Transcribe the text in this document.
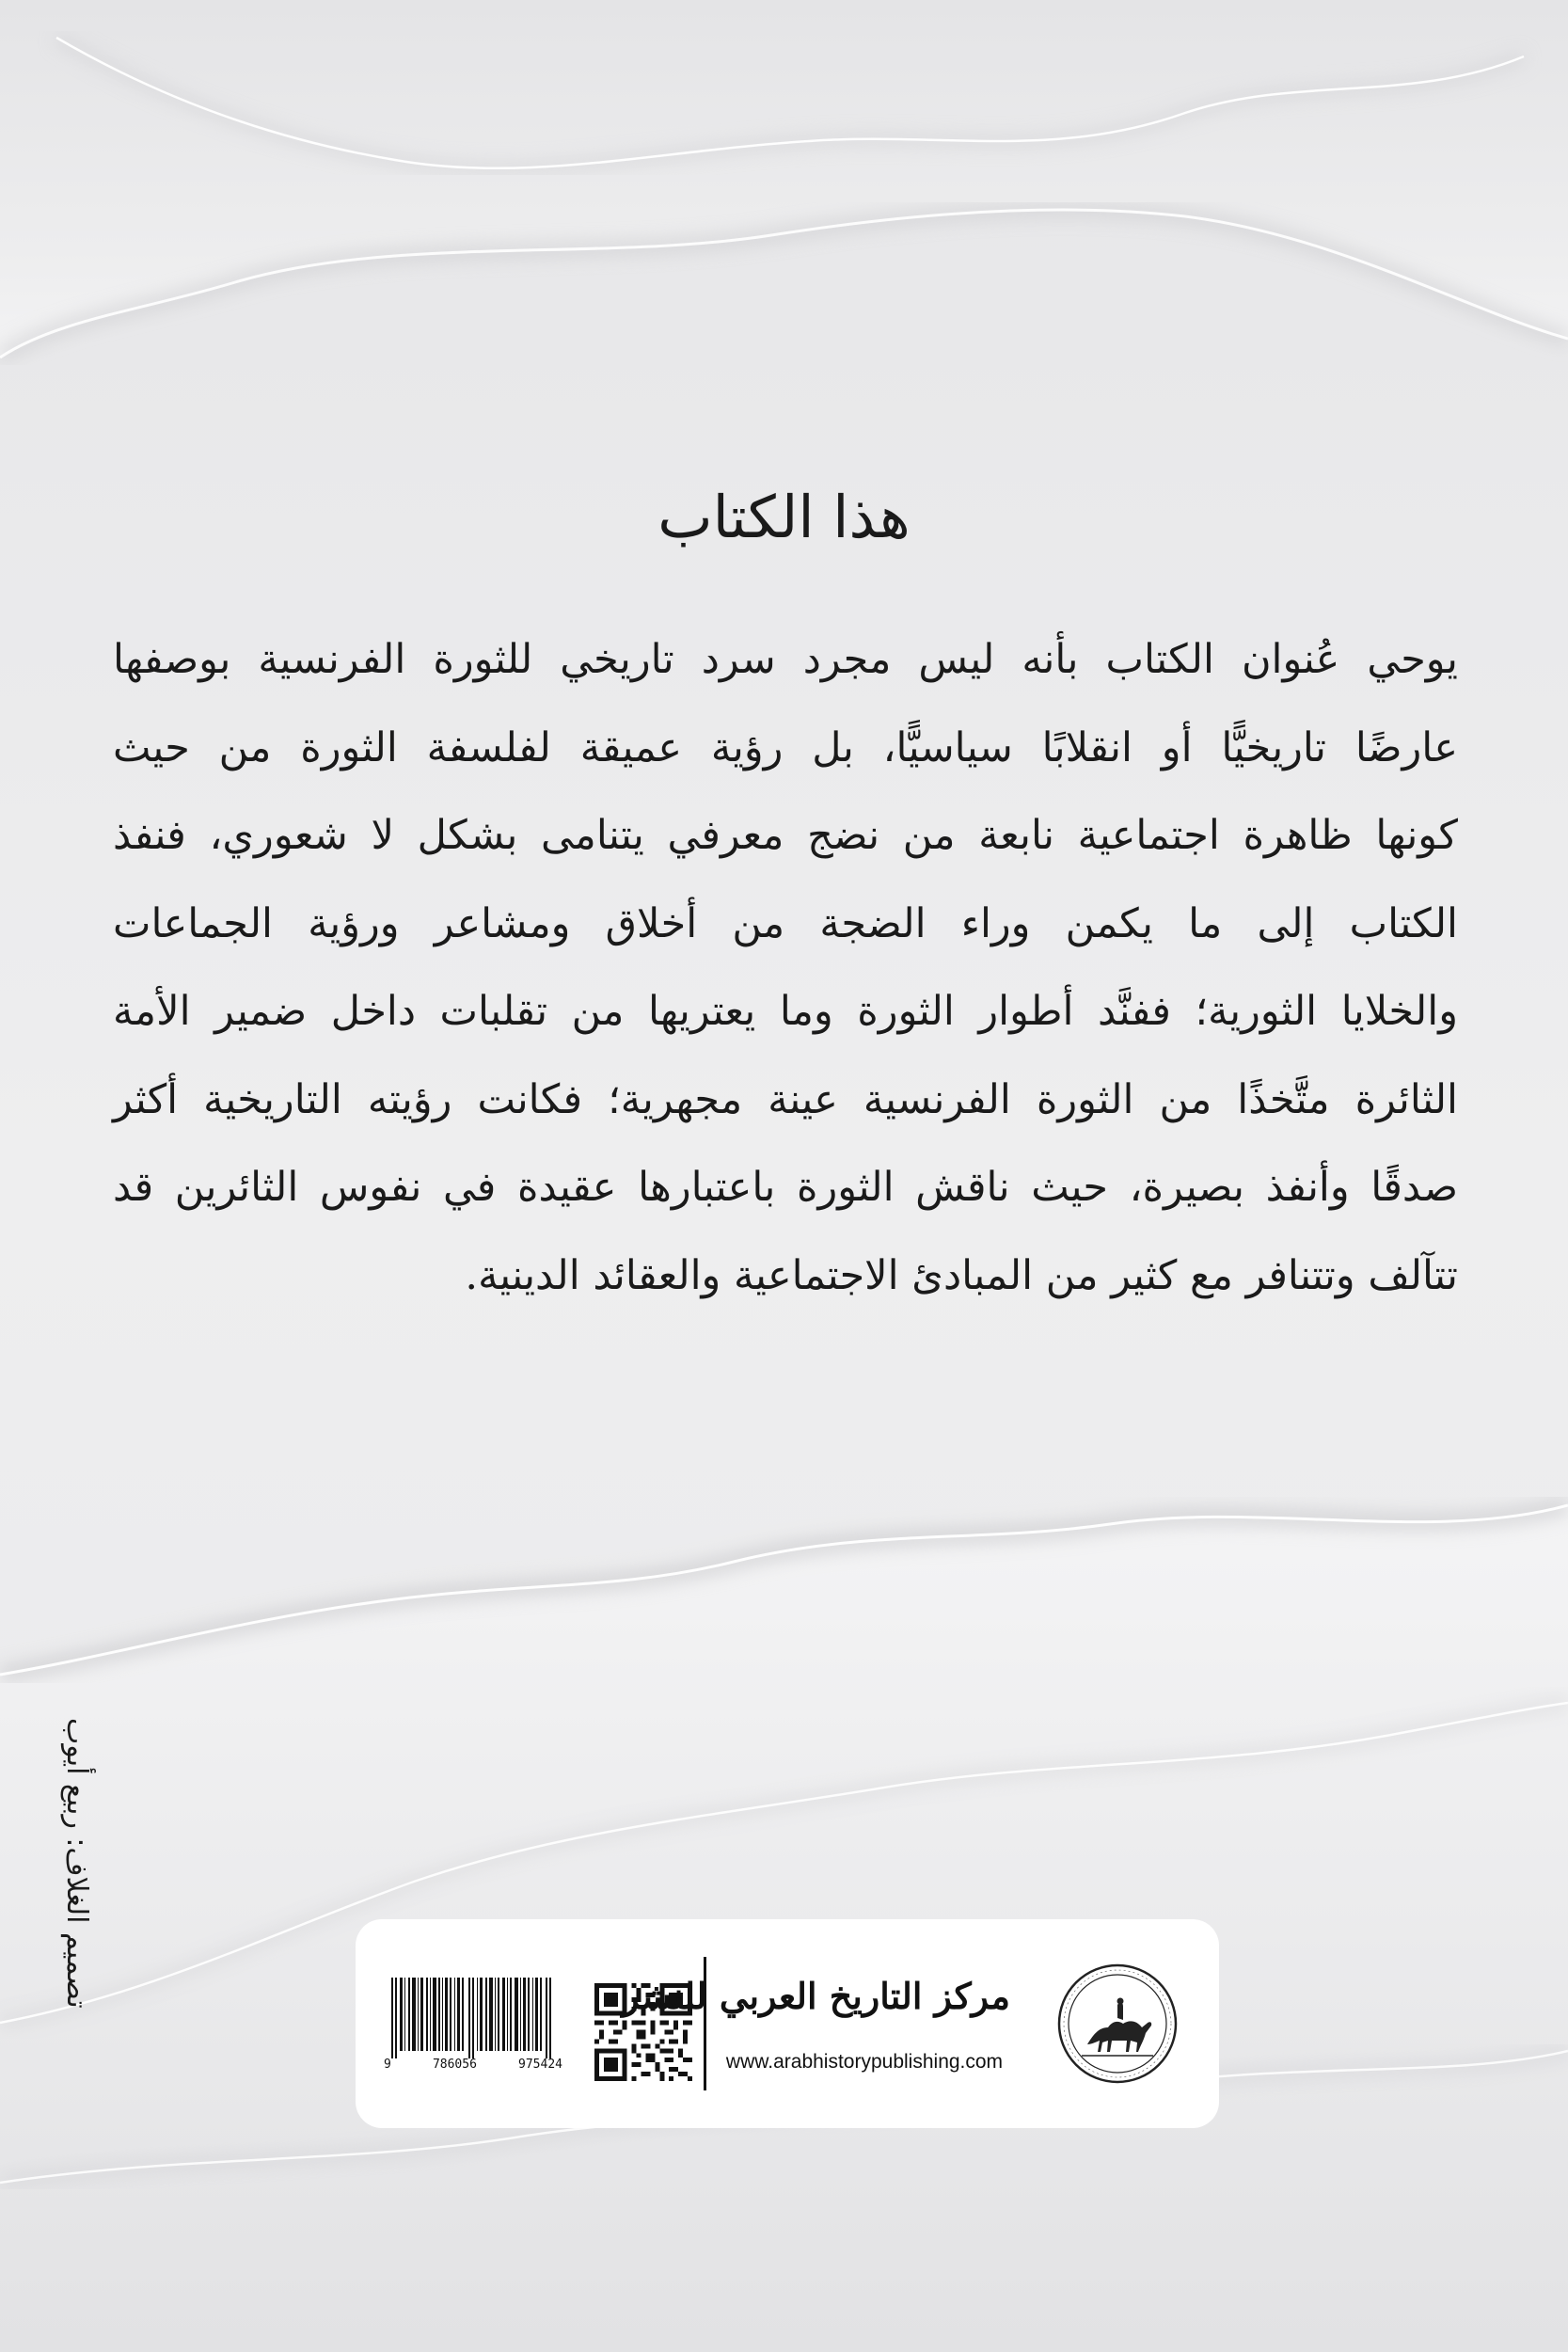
هذا الكتاب

يوحي عُنوان الكتاب بأنه ليس مجرد سرد تاريخي للثورة الفرنسية بوصفها

عارضًا تاريخيًّا أو انقلابًا سياسيًّا، بل رؤية عميقة لفلسفة الثورة من حيث

كونها ظاهرة اجتماعية نابعة من نضج معرفي يتنامى بشكل لا شعوري، فنفذ

الكتاب إلى ما يكمن وراء الضجة من أخلاق ومشاعر ورؤية الجماعات

والخلايا الثورية؛ ففنَّد أطوار الثورة وما يعتريها من تقلبات داخل ضمير الأمة

الثائرة متَّخذًا من الثورة الفرنسية عينة مجهرية؛ فكانت رؤيته التاريخية أكثر

صدقًا وأنفذ بصيرة، حيث ناقش الثورة باعتبارها عقيدة في نفوس الثائرين قد

تتآلف وتتنافر مع كثير من المبادئ الاجتماعية والعقائد الدينية.

تصميم الغلاف: ربيع أيوب
9	786056	975424
مركز التاريخ العربي للنشر
www.arabhistorypublishing.com
